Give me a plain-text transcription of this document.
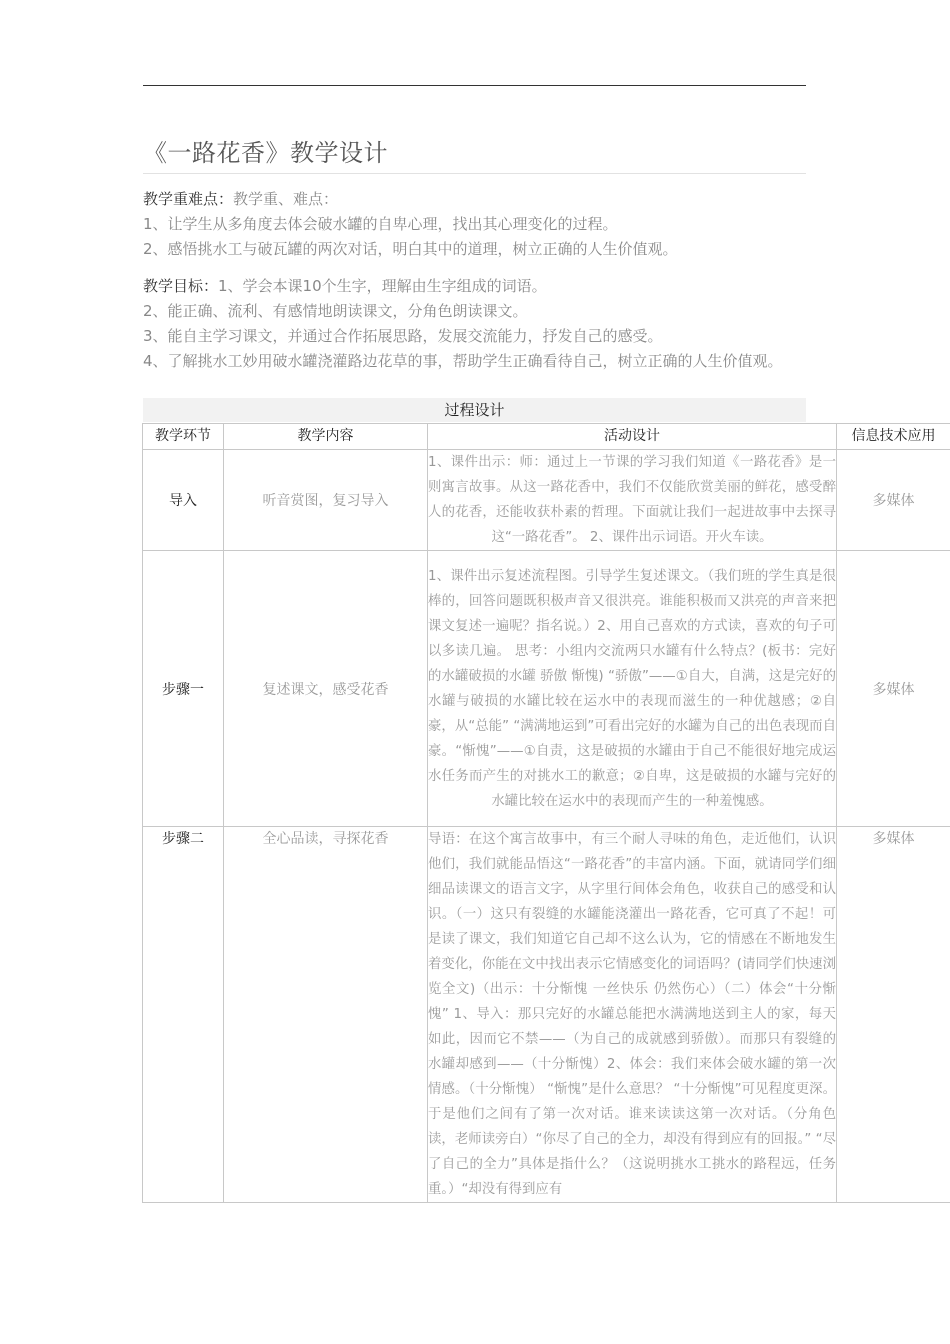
《一路花香》教学设计

教学重难点：教学重、难点：

1、让学生从多角度去体会破水罐的自卑心理，找出其心理变化的过程。

2、感悟挑水工与破瓦罐的两次对话，明白其中的道理，树立正确的人生价值观。

教学目标：1、学会本课10个生字，理解由生字组成的词语。

2、能正确、流利、有感情地朗读课文，分角色朗读课文。

3、能自主学习课文，并通过合作拓展思路，发展交流能力，抒发自己的感受。

4、了解挑水工妙用破水罐浇灌路边花草的事，帮助学生正确看待自己，树立正确的人生价值观。

过程设计
教学环节	教学内容	活动设计	信息技术应用
导入	听音赏图，复习导入	1、课件出示：师：通过上一节课的学习我们知道《一路花香》是一则寓言故事。从这一路花香中，我们不仅能欣赏美丽的鲜花，感受醉人的花香，还能收获朴素的哲理。下面就让我们一起进故事中去探寻这“一路花香”。 2、课件出示词语。开火车读。	多媒体
步骤一	复述课文，感受花香	1、课件出示复述流程图。引导学生复述课文。（我们班的学生真是很棒的，回答问题既积极声音又很洪亮。谁能积极而又洪亮的声音来把课文复述一遍呢？指名说。）2、用自己喜欢的方式读，喜欢的句子可以多读几遍。 思考：小组内交流两只水罐有什么特点？(板书：完好的水罐破损的水罐 骄傲 惭愧) “骄傲”——①自大，自满，这是完好的水罐与破损的水罐比较在运水中的表现而滋生的一种优越感；②自豪，从“总能” “满满地运到”可看出完好的水罐为自己的出色表现而自豪。“惭愧”——①自责，这是破损的水罐由于自己不能很好地完成运水任务而产生的对挑水工的歉意；②自卑，这是破损的水罐与完好的水罐比较在运水中的表现而产生的一种羞愧感。	多媒体
步骤二	全心品读，寻探花香	导语：在这个寓言故事中，有三个耐人寻味的角色，走近他们，认识他们，我们就能品悟这“一路花香”的丰富内涵。下面，就请同学们细细品读课文的语言文字，从字里行间体会角色，收获自己的感受和认识。（一）这只有裂缝的水罐能浇灌出一路花香，它可真了不起！可是读了课文，我们知道它自己却不这么认为，它的情感在不断地发生着变化，你能在文中找出表示它情感变化的词语吗？(请同学们快速浏览全文)（出示：十分惭愧 一丝快乐 仍然伤心）（二）体会“十分惭愧” 1、导入：那只完好的水罐总能把水满满地送到主人的家，每天如此，因而它不禁——（为自己的成就感到骄傲）。而那只有裂缝的水罐却感到——（十分惭愧）2、体会：我们来体会破水罐的第一次情感。（十分惭愧） “惭愧”是什么意思？ “十分惭愧”可见程度更深。于是他们之间有了第一次对话。谁来读读这第一次对话。（分角色读，老师读旁白）“你尽了自己的全力，却没有得到应有的回报。” “尽了自己的全力”具体是指什么？（这说明挑水工挑水的路程远，任务重。）“却没有得到应有	多媒体
